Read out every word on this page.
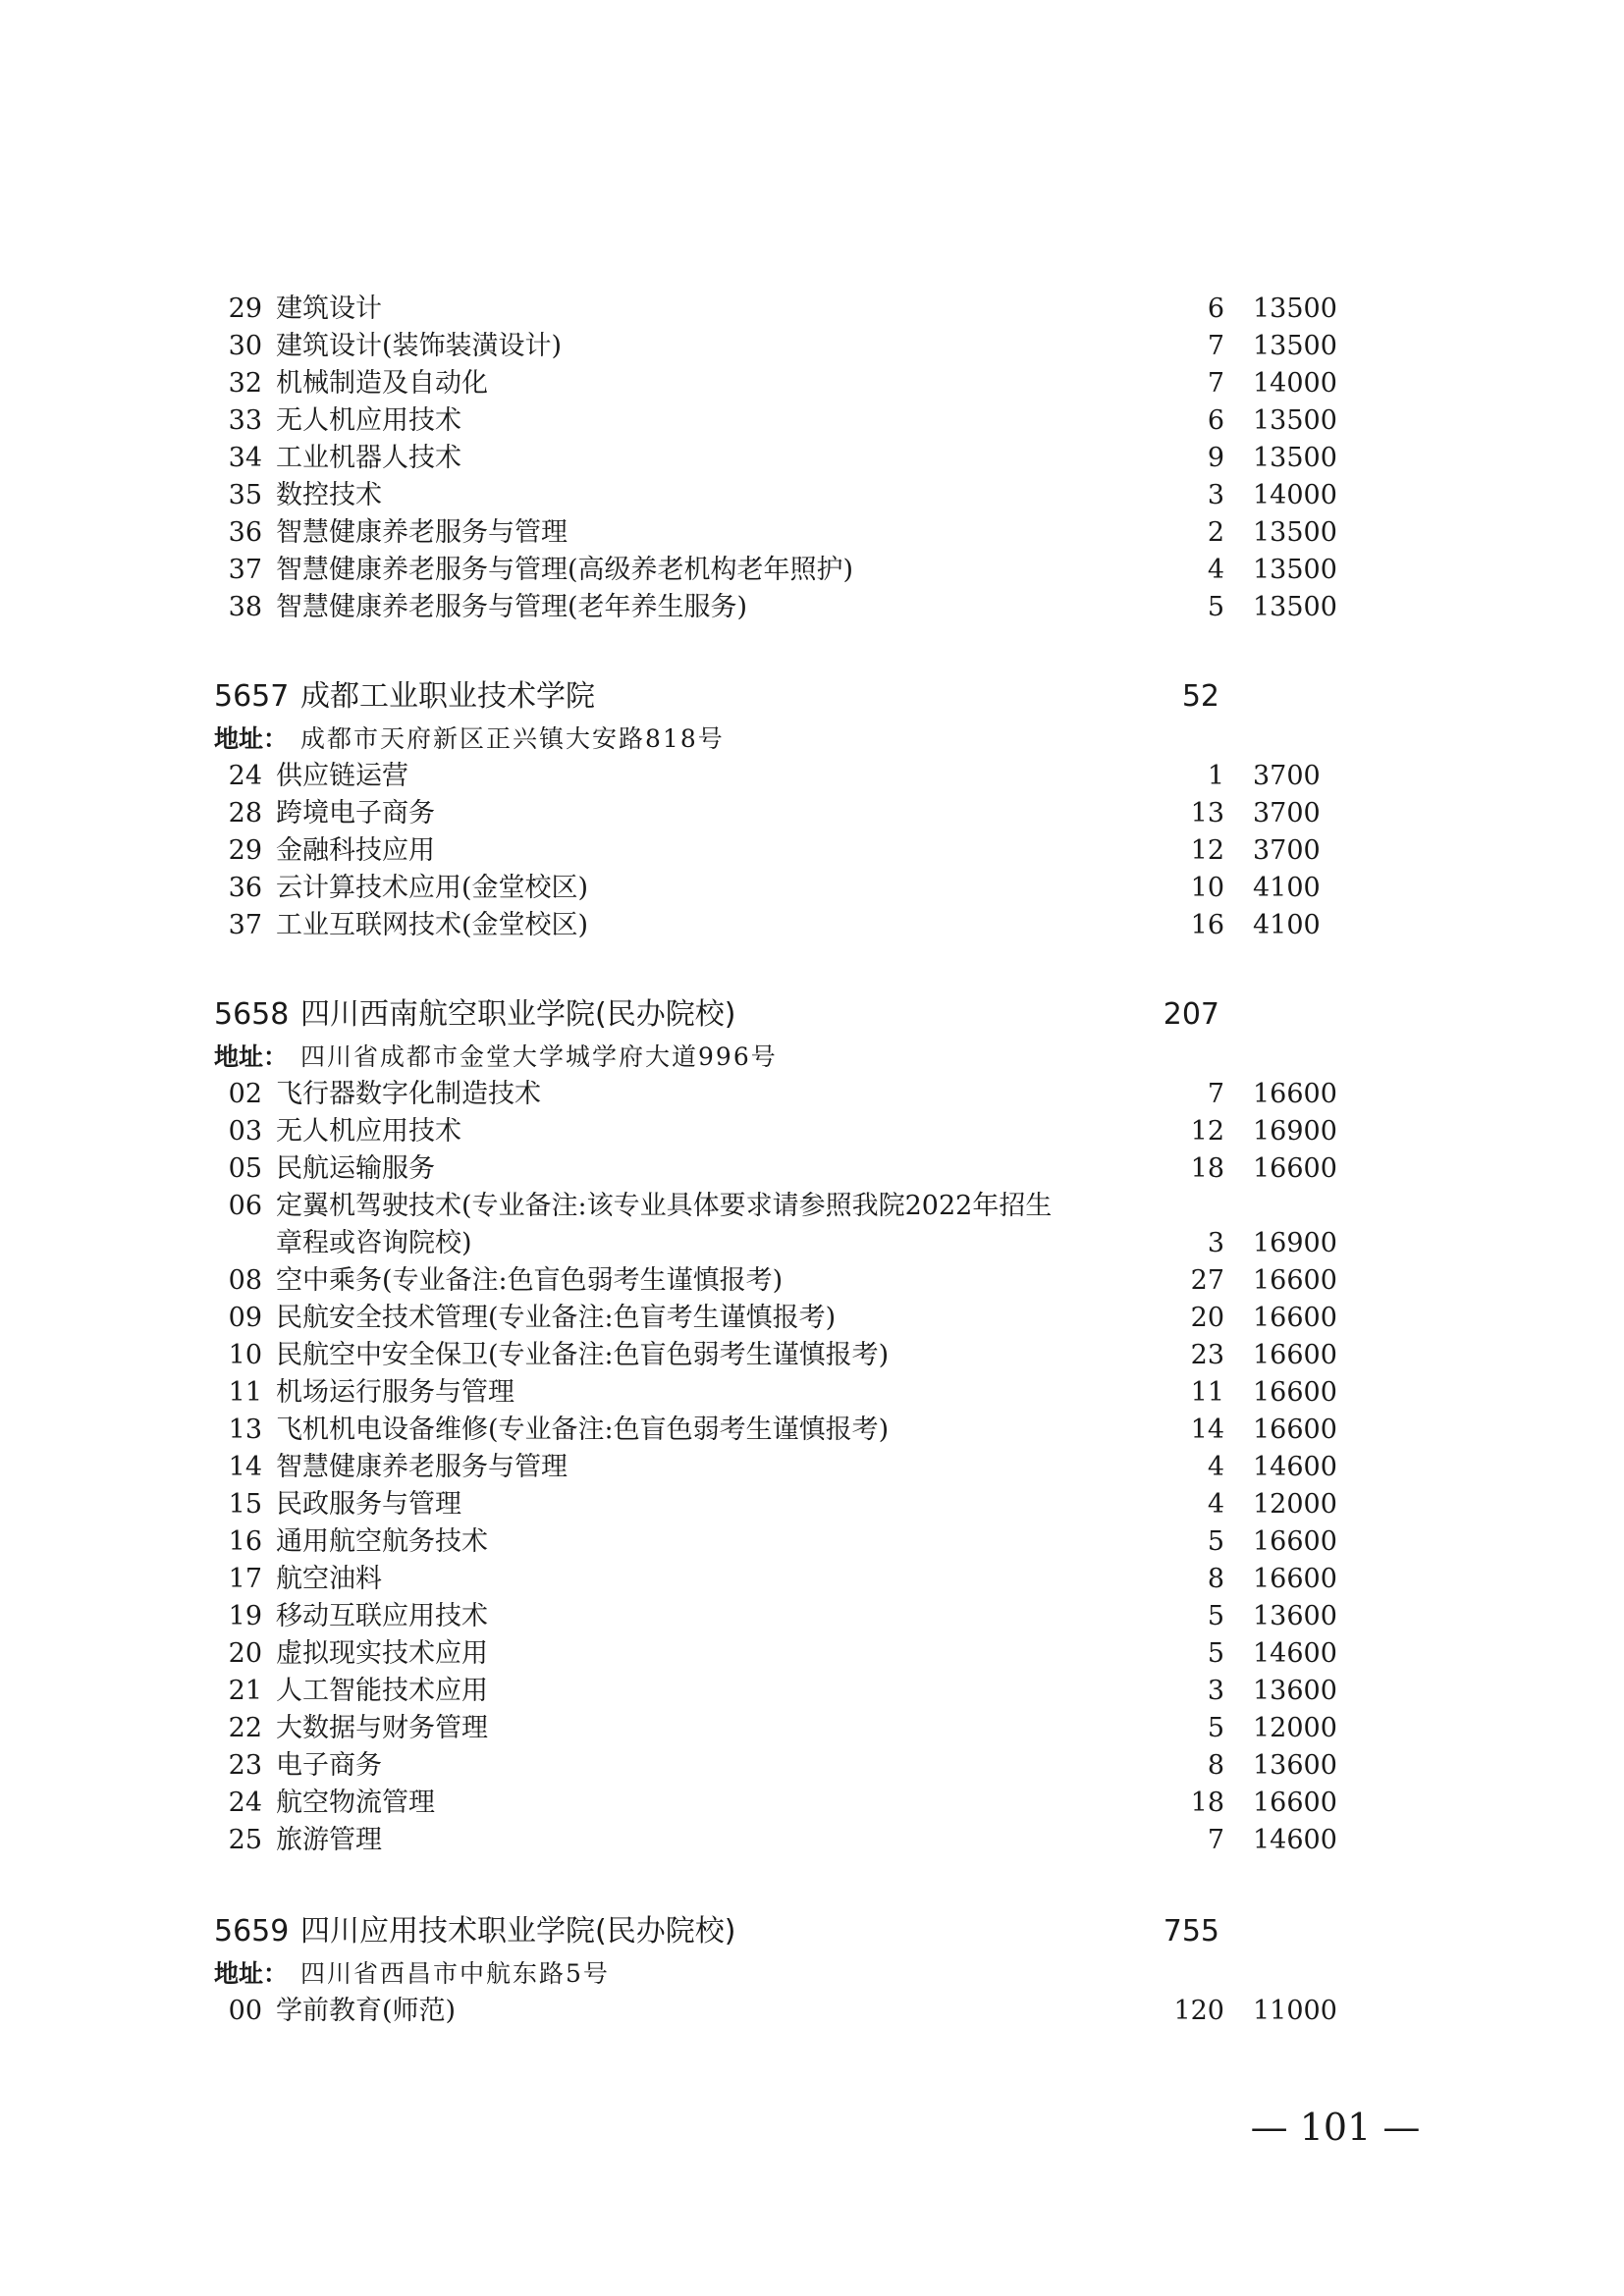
29 建筑设计	6 13500
30 建筑设计(装饰装潢设计)	7 13500
32 机械制造及自动化	7 14000
33 无人机应用技术	6 13500
34 工业机器人技术	9 13500
35 数控技术	3 14000
36 智慧健康养老服务与管理	2 13500
37 智慧健康养老服务与管理(高级养老机构老年照护)	4 13500
38 智慧健康养老服务与管理(老年养生服务)	5 13500
5657 成都工业职业技术学院	52
地址： 成都市天府新区正兴镇大安路818号
24 供应链运营	1 3700
28 跨境电子商务	13 3700
29 金融科技应用	12 3700
36 云计算技术应用(金堂校区)	10 4100
37 工业互联网技术(金堂校区)	16 4100
5658 四川西南航空职业学院(民办院校)	207
地址： 四川省成都市金堂大学城学府大道996号
02 飞行器数字化制造技术	7 16600
03 无人机应用技术	12 16900
05 民航运输服务	18 16600
06 定翼机驾驶技术(专业备注:该专业具体要求请参照我院2022年招生
章程或咨询院校)	3 16900
08 空中乘务(专业备注:色盲色弱考生谨慎报考)	27 16600
09 民航安全技术管理(专业备注:色盲考生谨慎报考)	20 16600
10 民航空中安全保卫(专业备注:色盲色弱考生谨慎报考)	23 16600
11 机场运行服务与管理	11 16600
13 飞机机电设备维修(专业备注:色盲色弱考生谨慎报考)	14 16600
14 智慧健康养老服务与管理	4 14600
15 民政服务与管理	4 12000
16 通用航空航务技术	5 16600
17 航空油料	8 16600
19 移动互联应用技术	5 13600
20 虚拟现实技术应用	5 14600
21 人工智能技术应用	3 13600
22 大数据与财务管理	5 12000
23 电子商务	8 13600
24 航空物流管理	18 16600
25 旅游管理	7 14600
5659 四川应用技术职业学院(民办院校)	755
地址： 四川省西昌市中航东路5号
00 学前教育(师范)	120 11000
— 101 —
